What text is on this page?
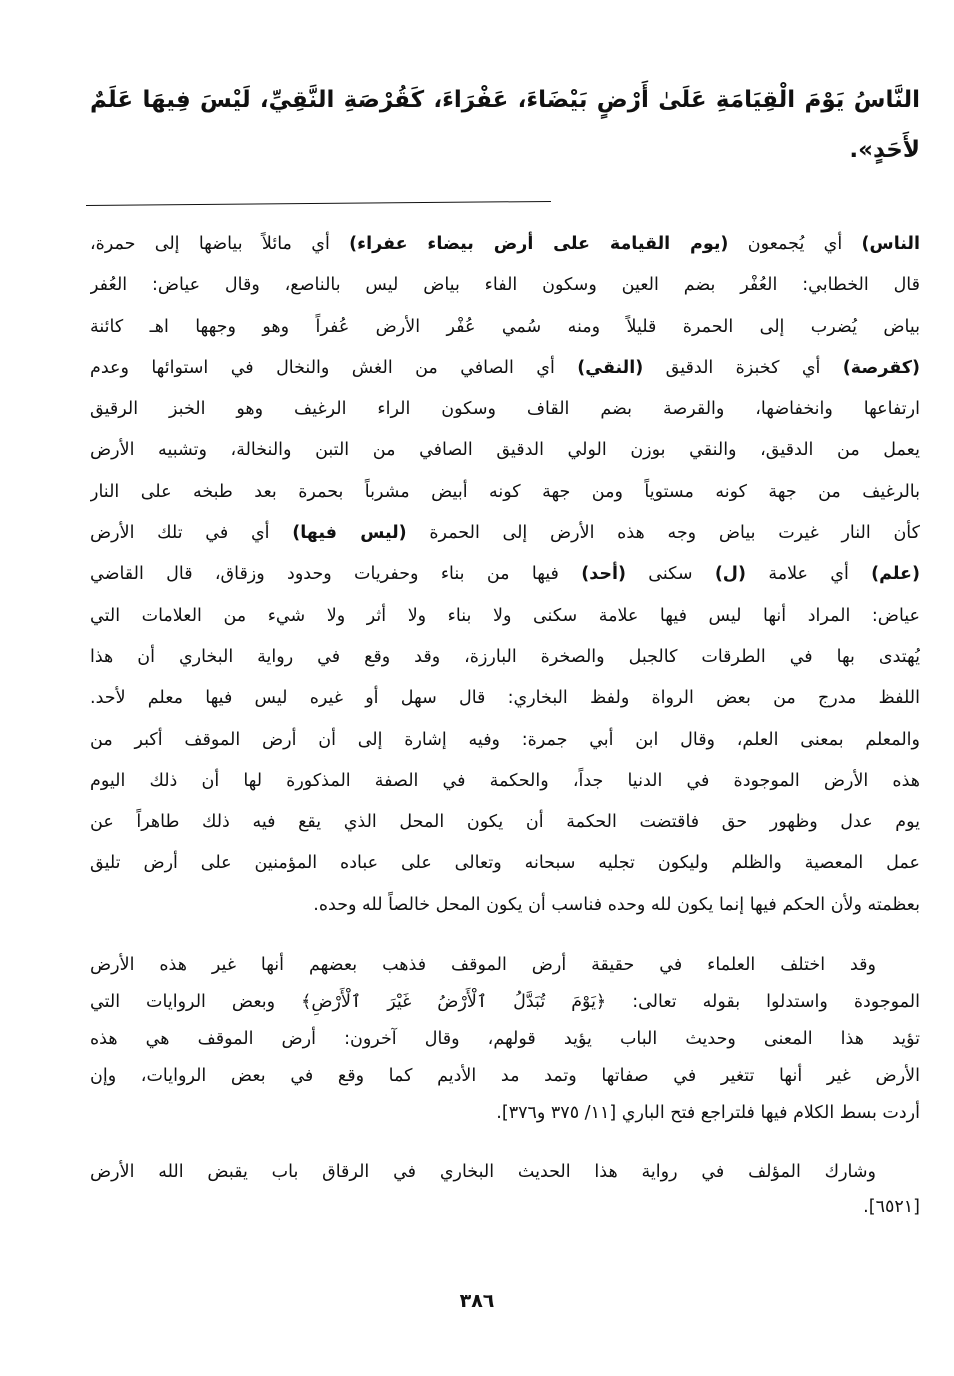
النَّاسُ يَوْمَ الْقِيَامَةِ عَلَىٰ أَرْضٍ بَيْضَاءَ، عَفْرَاءَ، كَقُرْصَةِ النَّقِيِّ، لَيْسَ فِيهَا عَلَمٌ
لأَحَدٍ».
الناس) أي يُجمعون (يوم القيامة على أرض بيضاء عفراء) أي مائلاً بياضها إلى حمرة،
قال الخطابي: العُفْر بضم العين وسكون الفاء بياض ليس بالناصع، وقال عياض: العُفر
بياض يُضرب إلى الحمرة قليلاً ومنه سُمي عُفْر الأرض عُفراً وهو وجهها اهـ كائنة
(كقرصة) أي كخبزة الدقيق (النقي) أي الصافي من الغش والنخال في استوائها وعدم
ارتفاعها وانخفاضها، والقرصة بضم القاف وسكون الراء الرغيف وهو الخبز الرقيق
يعمل من الدقيق، والنقي بوزن الولي الدقيق الصافي من التبن والنخالة، وتشبيه الأرض
بالرغيف من جهة كونه مستوياً ومن جهة كونه أبيض مشرباً بحمرة بعد طبخه على النار
كأن النار غيرت بياض وجه هذه الأرض إلى الحمرة (ليس فيها) أي في تلك الأرض
(علم) أي علامة (ل) سكنى (أحد) فيها من بناء وحفريات وحدود وزقاق، قال القاضي
عياض: المراد أنها ليس فيها علامة سكنى ولا بناء ولا أثر ولا شيء من العلامات التي
يُهتدى بها في الطرقات كالجبل والصخرة البارزة، وقد وقع في رواية البخاري أن هذا
اللفظ مدرج من بعض الرواة ولفظ البخاري: قال سهل أو غيره ليس فيها معلم لأحد.
والمعلم بمعنى العلم، وقال ابن أبي جمرة: وفيه إشارة إلى أن أرض الموقف أكبر من
هذه الأرض الموجودة في الدنيا جداً، والحكمة في الصفة المذكورة لها أن ذلك اليوم
يوم عدل وظهور حق فاقتضت الحكمة أن يكون المحل الذي يقع فيه ذلك طاهراً عن
عمل المعصية والظلم وليكون تجليه سبحانه وتعالى على عباده المؤمنين على أرض تليق
بعظمته ولأن الحكم فيها إنما يكون لله وحده فناسب أن يكون المحل خالصاً لله وحده.
وقد اختلف العلماء في حقيقة أرض الموقف فذهب بعضهم أنها غير هذه الأرض
الموجودة واستدلوا بقوله تعالى: ﴿يَوْمَ تُبَدَّلُ ٱلْأَرْضُ غَيْرَ ٱلْأَرْضِ﴾ وبعض الروايات التي
تؤيد هذا المعنى وحديث الباب يؤيد قولهم، وقال آخرون: أرض الموقف هي هذه
الأرض غير أنها تتغير في صفاتها وتمد مد الأديم كما وقع في بعض الروايات، وإن
أردت بسط الكلام فيها فلتراجع فتح الباري [١١/ ٣٧٥ و٣٧٦].
وشارك المؤلف في رواية هذا الحديث البخاري في الرقاق باب يقبض الله الأرض
[٦٥٢١].
٣٨٦
